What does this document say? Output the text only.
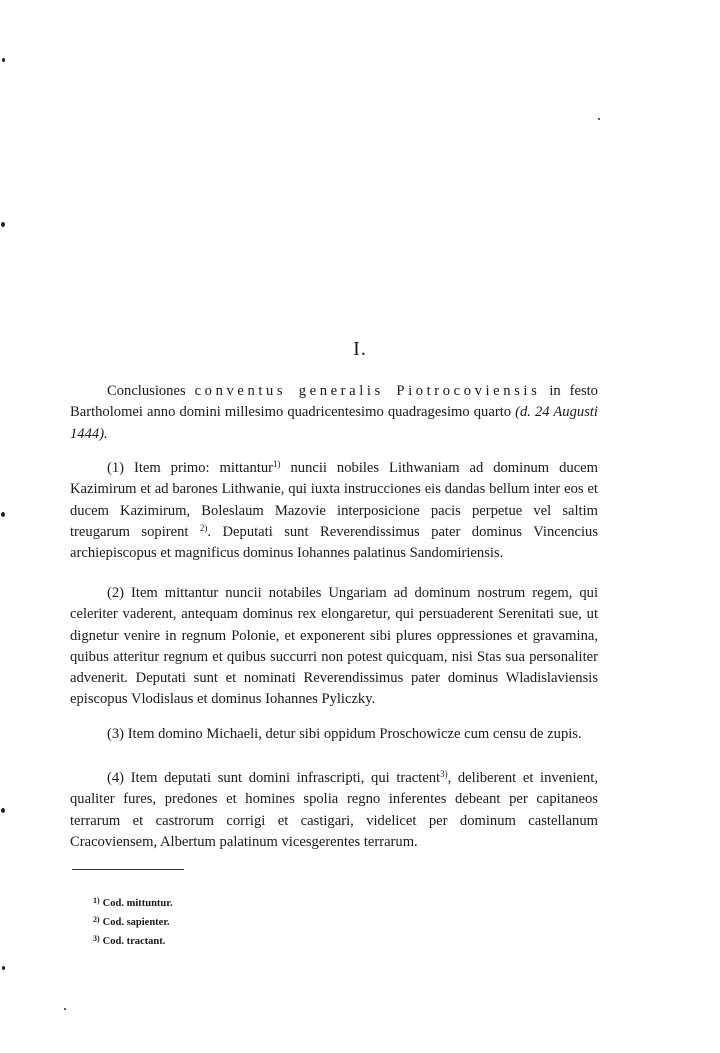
I.
Conclusiones conventus generalis Piotrocoviensis in festo Bartholomei anno domini millesimo quadricentesimo quadragesimo quarto (d. 24 Augusti 1444).
(1) Item primo: mittantur$^{1)}$ nuncii nobiles Lithwaniam ad dominum ducem Kazimirum et ad barones Lithwanie, qui iuxta instrucciones eis dandas bellum inter eos et ducem Kazimirum, Boleslaum Mazovie interposicione pacis perpetue vel saltim treugarum sopirent $^{2)}$. Deputati sunt Reverendissimus pater dominus Vincencius archiepiscopus et magnificus dominus Iohannes palatinus Sandomiriensis.
(2) Item mittantur nuncii notabiles Ungariam ad dominum nostrum regem, qui celeriter vaderent, antequam dominus rex elongaretur, qui persuaderent Serenitati sue, ut dignetur venire in regnum Polonie, et exponerent sibi plures oppressiones et gravamina, quibus atteritur regnum et quibus succurri non potest quicquam, nisi Stas sua personaliter advenerit. Deputati sunt et nominati Reverendissimus pater dominus Wladislaviensis episcopus Vlodislaus et dominus Iohannes Pyliczky.
(3) Item domino Michaeli, detur sibi oppidum Proschowicze cum censu de zupis.
(4) Item deputati sunt domini infrascripti, qui tractent$^{3)}$, deliberent et invenient, qualiter fures, predones et homines spolia regno inferentes debeant per capitaneos terrarum et castrorum corrigi et castigari, videlicet per dominum castellanum Cracoviensem, Albertum palatinum vicesgerentes terrarum.
$^{1)}$ Cod. mittuntur.
$^{2)}$ Cod. sapienter.
$^{3)}$ Cod. tractant.
